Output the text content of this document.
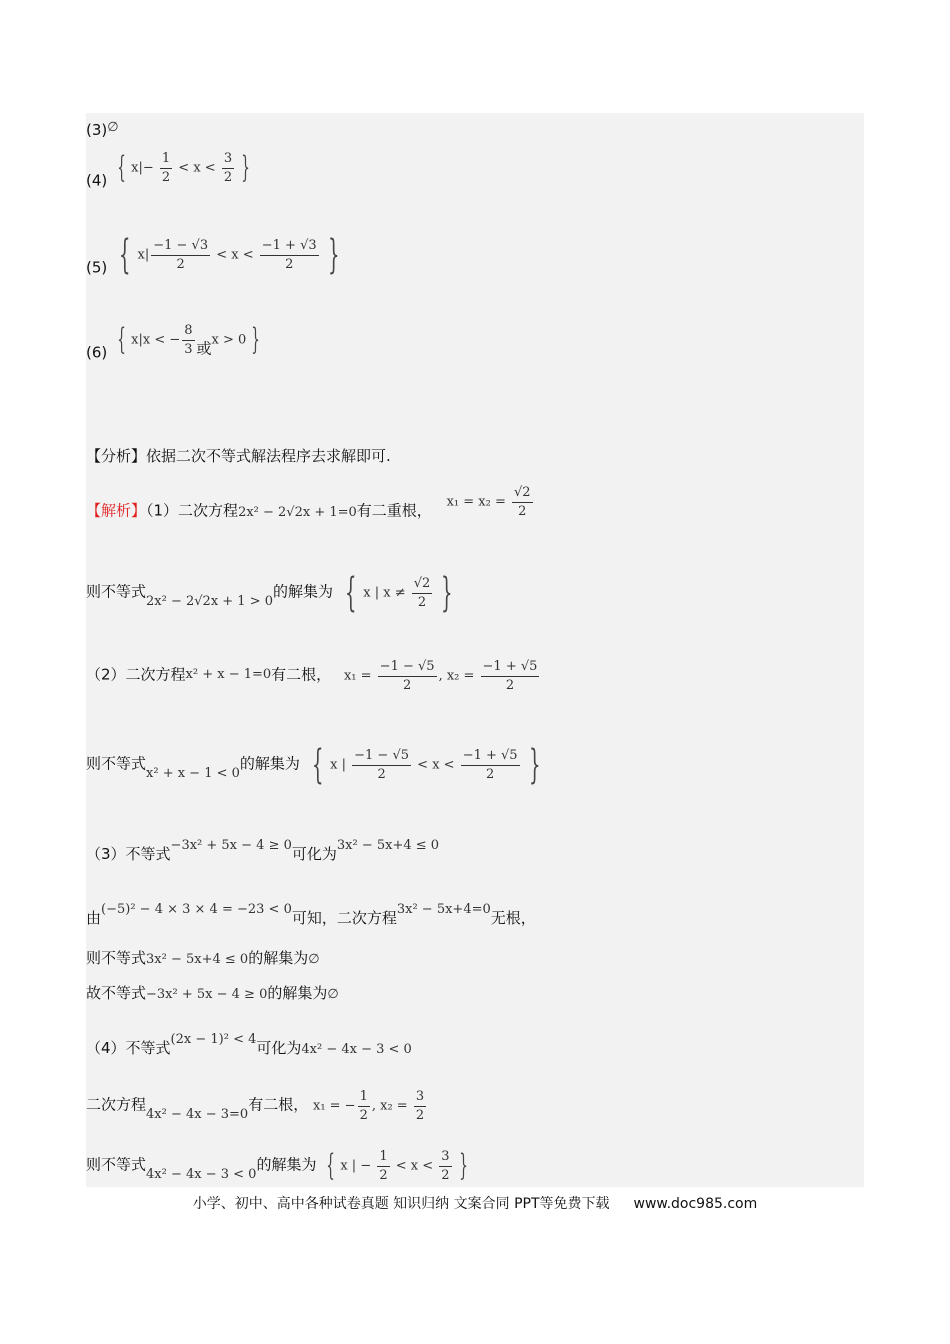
(3)∅
(4) { $x|- \frac{1}{2} < x < \frac{3}{2}$ }
(5) { $x| \frac{-1 - √3}{2} < x < \frac{-1 + √3}{2}$ }
(6) { x|x < − $\frac{8}{3}$ 或x > 0 }
【分析】依据二次不等式解法程序去求解即可.
【解析】（1）二次方程2x² − 2√2x + 1=0有二重根， $x_1 = x_2 = \frac{√2}{2}$
则不等式2x² − 2√2x + 1 > 0的解集为 { x | $x \ne \frac{√2}{2}$ }
（2）二次方程x² + x − 1=0有二根， $x_1 = \frac{-1 - √5}{2}$ , $x_2 = \frac{-1 + √5}{2}$
则不等式x² + x − 1 < 0的解集为 { x | $\frac{-1 - √5}{2} < x < \frac{-1 + √5}{2}$ }
（3）不等式−3x² + 5x − 4 ≥ 0可化为3x² − 5x+4 ≤ 0
由(−5)² − 4 × 3 × 4 = −23 < 0可知，二次方程3x² − 5x+4=0无根，
则不等式3x² − 5x+4 ≤ 0的解集为∅
故不等式−3x² + 5x − 4 ≥ 0的解集为∅
（4）不等式(2x − 1)² < 4可化为4x² − 4x − 3 < 0
二次方程4x² − 4x − 3=0有二根， x₁ = − $\frac{1}{2}$ , $x_2 = \frac{3}{2}$
则不等式4x² − 4x − 3 < 0的解集为 { x | − $\frac{1}{2} < x < \frac{3}{2}$ }
小学、初中、高中各种试卷真题 知识归纳 文案合同 PPT等免费下载 www.doc985.com
